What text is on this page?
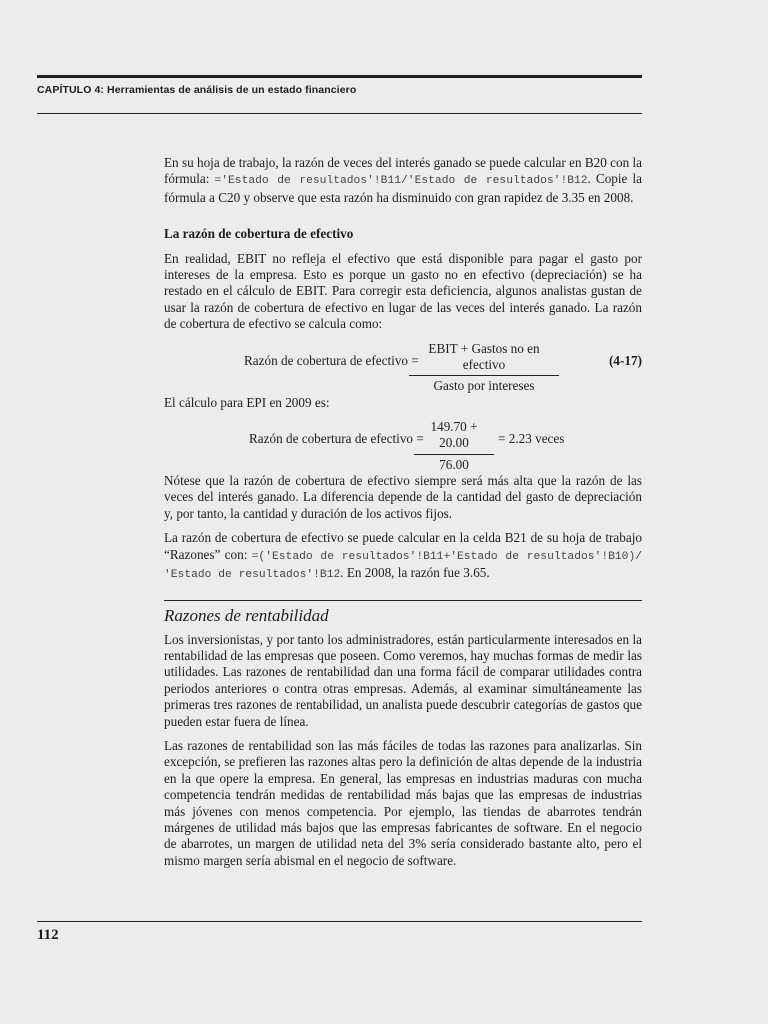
CAPÍTULO 4: Herramientas de análisis de un estado financiero

En su hoja de trabajo, la razón de veces del interés ganado se puede calcular en B20 con la fórmula: ='Estado de resultados'!B11/'Estado de resultados'!B12. Copie la fórmula a C20 y observe que esta razón ha disminuido con gran rapidez de 3.35 en 2008.

La razón de cobertura de efectivo

En realidad, EBIT no refleja el efectivo que está disponible para pagar el gasto por intereses de la empresa. Esto es porque un gasto no en efectivo (depreciación) se ha restado en el cálculo de EBIT. Para corregir esta deficiencia, algunos analistas gustan de usar la razón de cobertura de efectivo en lugar de las veces del interés ganado. La razón de cobertura de efectivo se calcula como:

Razón de cobertura de efectivo =
EBIT + Gastos no en efectivo
Gasto por intereses
(4-17)

El cálculo para EPI en 2009 es:

Razón de cobertura de efectivo =
$\frac{149.70 + 20.00}{76.00} = 2.23$ veces

Nótese que la razón de cobertura de efectivo siempre será más alta que la razón de las veces del interés ganado. La diferencia depende de la cantidad del gasto de depreciación y, por tanto, la cantidad y duración de los activos fijos.

La razón de cobertura de efectivo se puede calcular en la celda B21 de su hoja de trabajo “Razones” con: =('Estado de resultados'!B11+'Estado de resultados'!B10)/ 'Estado de resultados'!B12. En 2008, la razón fue 3.65.

Razones de rentabilidad

Los inversionistas, y por tanto los administradores, están particularmente interesados en la rentabilidad de las empresas que poseen. Como veremos, hay muchas formas de medir las utilidades. Las razones de rentabilidad dan una forma fácil de comparar utilidades contra periodos anteriores o contra otras empresas. Además, al examinar simultáneamente las primeras tres razones de rentabilidad, un analista puede descubrir categorías de gastos que pueden estar fuera de línea.

Las razones de rentabilidad son las más fáciles de todas las razones para analizarlas. Sin excepción, se prefieren las razones altas pero la definición de altas depende de la industria en la que opere la empresa. En general, las empresas en industrias maduras con mucha competencia tendrán medidas de rentabilidad más bajas que las empresas de industrias más jóvenes con menos competencia. Por ejemplo, las tiendas de abarrotes tendrán márgenes de utilidad más bajos que las empresas fabricantes de software. En el negocio de abarrotes, un margen de utilidad neta del 3% sería considerado bastante alto, pero el mismo margen sería abismal en el negocio de software.

112
